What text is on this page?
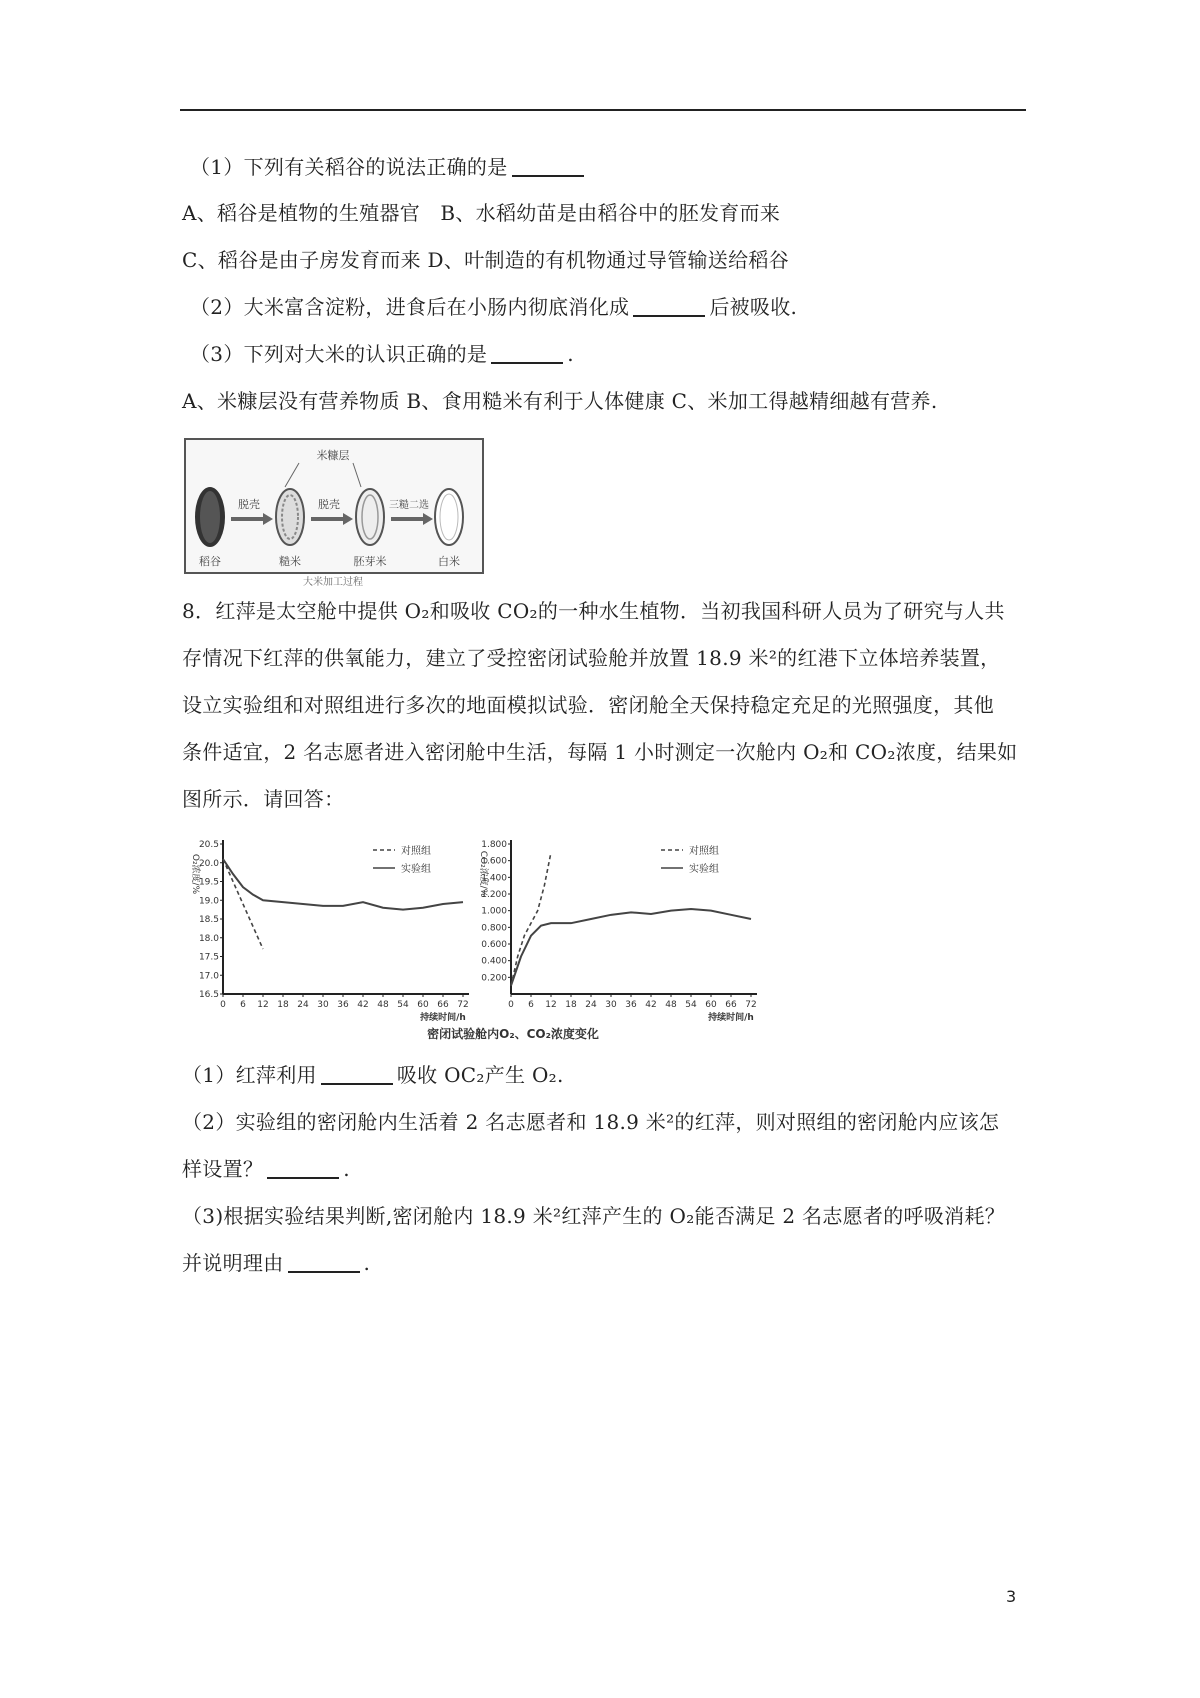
（1）下列有关稻谷的说法正确的是
A、稻谷是植物的生殖器官　B、水稻幼苗是由稻谷中的胚发育而来
C、稻谷是由子房发育而来 D、叶制造的有机物通过导管输送给稻谷
（2）大米富含淀粉，进食后在小肠内彻底消化成	后被吸收.
（3）下列对大米的认识正确的是	.
A、米糠层没有营养物质 B、食用糙米有利于人体健康 C、米加工得越精细越有营养.
米糠层
脱壳	脱壳	三糙二选
稻谷	糙米	胚芽米	白米
大米加工过程
8．红萍是太空舱中提供 O₂和吸收 CO₂的一种水生植物．当初我国科研人员为了研究与人共
存情况下红萍的供氧能力，建立了受控密闭试验舱并放置 18.9 米²的红港下立体培养装置，
设立实验组和对照组进行多次的地面模拟试验．密闭舱全天保持稳定充足的光照强度，其他
条件适宜，2 名志愿者进入密闭舱中生活，每隔 1 小时测定一次舱内 O₂和 CO₂浓度，结果如
图所示．请回答：
密闭试验舱内O₂、CO₂浓度变化
0 6 12 18 24 30 36 42 48 54 60 66 72
16.5
17.0
17.5
18.0
18.5
19.0
19.5
20.0
20.5
持续时间/h
O₂浓度/%
对照组
实验组
0 6 12 18 24 30 36 42 48 54 60 66 72
0.200
0.400
0.600
0.800
1.000
1.200
1.400
1.600
1.800
持续时间/h
CO₂浓度/%	对照组
实验组
（1）红萍利用	吸收 OC₂产生 O₂.
（2）实验组的密闭舱内生活着 2 名志愿者和 18.9 米²的红萍，则对照组的密闭舱内应该怎
样设置？	.
（3)根据实验结果判断,密闭舱内 18.9 米²红萍产生的 O₂能否满足 2 名志愿者的呼吸消耗？
并说明理由	.
3
